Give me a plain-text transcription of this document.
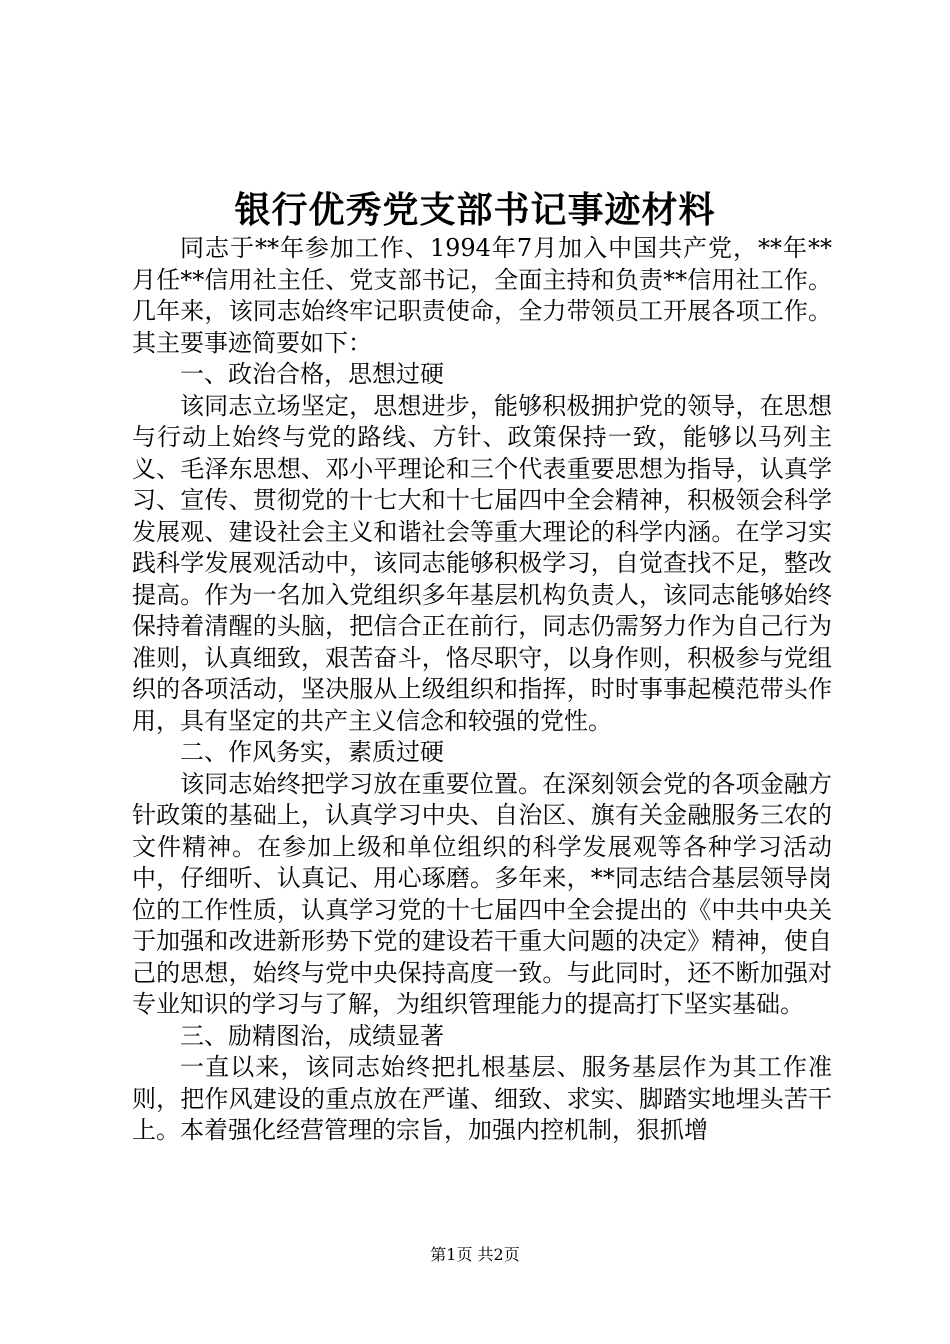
银行优秀党支部书记事迹材料

同志于**年参加工作、1994年7月加入中国共产党，**年**月任**信用社主任、党支部书记，全面主持和负责**信用社工作。几年来，该同志始终牢记职责使命，全力带领员工开展各项工作。其主要事迹简要如下：

一、政治合格，思想过硬

该同志立场坚定，思想进步，能够积极拥护党的领导，在思想与行动上始终与党的路线、方针、政策保持一致，能够以马列主义、毛泽东思想、邓小平理论和三个代表重要思想为指导，认真学习、宣传、贯彻党的十七大和十七届四中全会精神，积极领会科学发展观、建设社会主义和谐社会等重大理论的科学内涵。在学习实践科学发展观活动中，该同志能够积极学习，自觉查找不足，整改提高。作为一名加入党组织多年基层机构负责人，该同志能够始终保持着清醒的头脑，把信合正在前行，同志仍需努力作为自己行为准则，认真细致，艰苦奋斗，恪尽职守，以身作则，积极参与党组织的各项活动，坚决服从上级组织和指挥，时时事事起模范带头作用，具有坚定的共产主义信念和较强的党性。

二、作风务实，素质过硬

该同志始终把学习放在重要位置。在深刻领会党的各项金融方针政策的基础上，认真学习中央、自治区、旗有关金融服务三农的文件精神。在参加上级和单位组织的科学发展观等各种学习活动中，仔细听、认真记、用心琢磨。多年来，**同志结合基层领导岗位的工作性质，认真学习党的十七届四中全会提出的《中共中央关于加强和改进新形势下党的建设若干重大问题的决定》精神，使自己的思想，始终与党中央保持高度一致。与此同时，还不断加强对专业知识的学习与了解，为组织管理能力的提高打下坚实基础。

三、励精图治，成绩显著

一直以来，该同志始终把扎根基层、服务基层作为其工作准则，把作风建设的重点放在严谨、细致、求实、脚踏实地埋头苦干上。本着强化经营管理的宗旨，加强内控机制，狠抓增

第1页 共2页
